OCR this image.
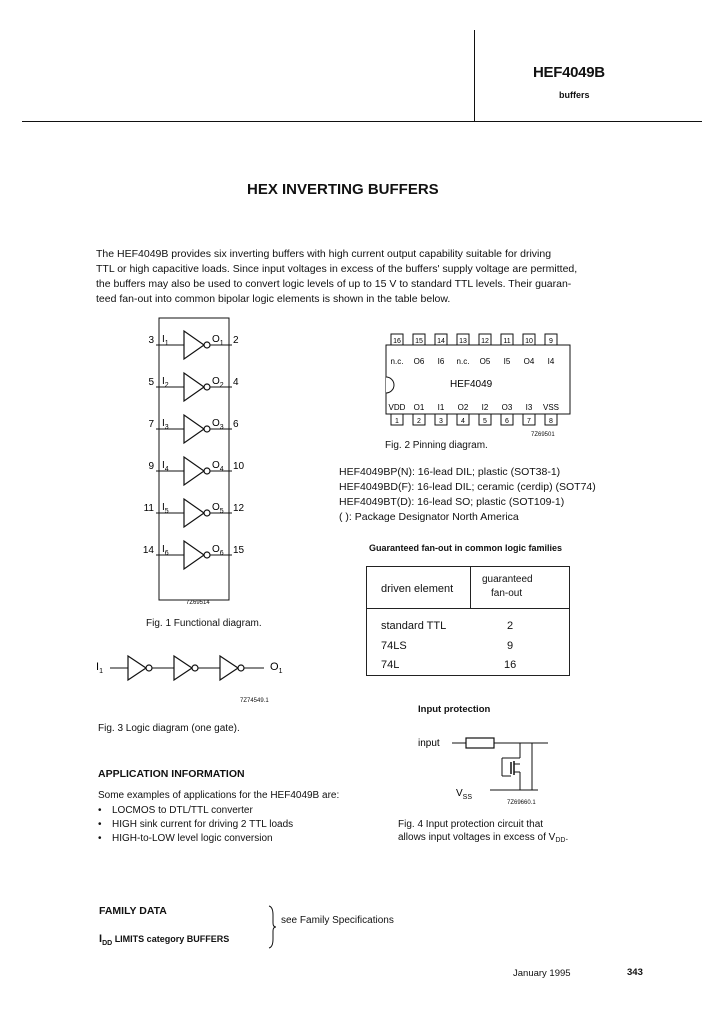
HEF4049B
buffers
HEX INVERTING BUFFERS

The HEF4049B provides six inverting buffers with high current output capability suitable for driving

TTL or high capacitive loads. Since input voltages in excess of the buffers' supply voltage are permitted,

the buffers may also be used to convert logic levels of up to 15 V to standard TTL levels. Their guaran-

teed fan-out into common bipolar logic elements is shown in the table below.

3 $I_1$	$O_1$ 2
5 $I_2$	$O_2$ 4
7 $I_3$	$O_3$ 6
9 $I_4$	$O_4$ 10
11 $I_5$	$O_5$ 12
14 $I_6$	$O_6$ 15
7Z69514
Fig. 1 Functional diagram.
16 15 14 13 12 11 10 9
n.c. O6 I6 n.c. O5 I5 O4 I4
HEF4049
VDD O1 I1 O2 I2 O3 I3 VSS
1	2	3	4	5	6	7	8
7Z69501
Fig. 2 Pinning diagram.
HEF4049BP(N): 16-lead DIL; plastic (SOT38-1)
HEF4049BD(F): 16-lead DIL; ceramic (cerdip) (SOT74)
HEF4049BT(D): 16-lead SO; plastic (SOT109-1)
( ): Package Designator North America
Guaranteed fan-out in common logic families
driven element
guaranteed
fan-out
standard TTL	2
74LS	9
74L	16
$I_1$	$O_1$
7Z74549.1
Fig. 3 Logic diagram (one gate).
Input protection
input
$V_{SS}$
7Z69660.1
Fig. 4 Input protection circuit that
allows input voltages in excess of $V_{DD}$.
APPLICATION INFORMATION
Some examples of applications for the HEF4049B are:
• LOCMOS to DTL/TTL converter
• HIGH sink current for driving 2 TTL loads
• HIGH-to-LOW level logic conversion
FAMILY DATA
$I_{DD}$ LIMITS category BUFFERS
see Family Specifications
January 1995	343
